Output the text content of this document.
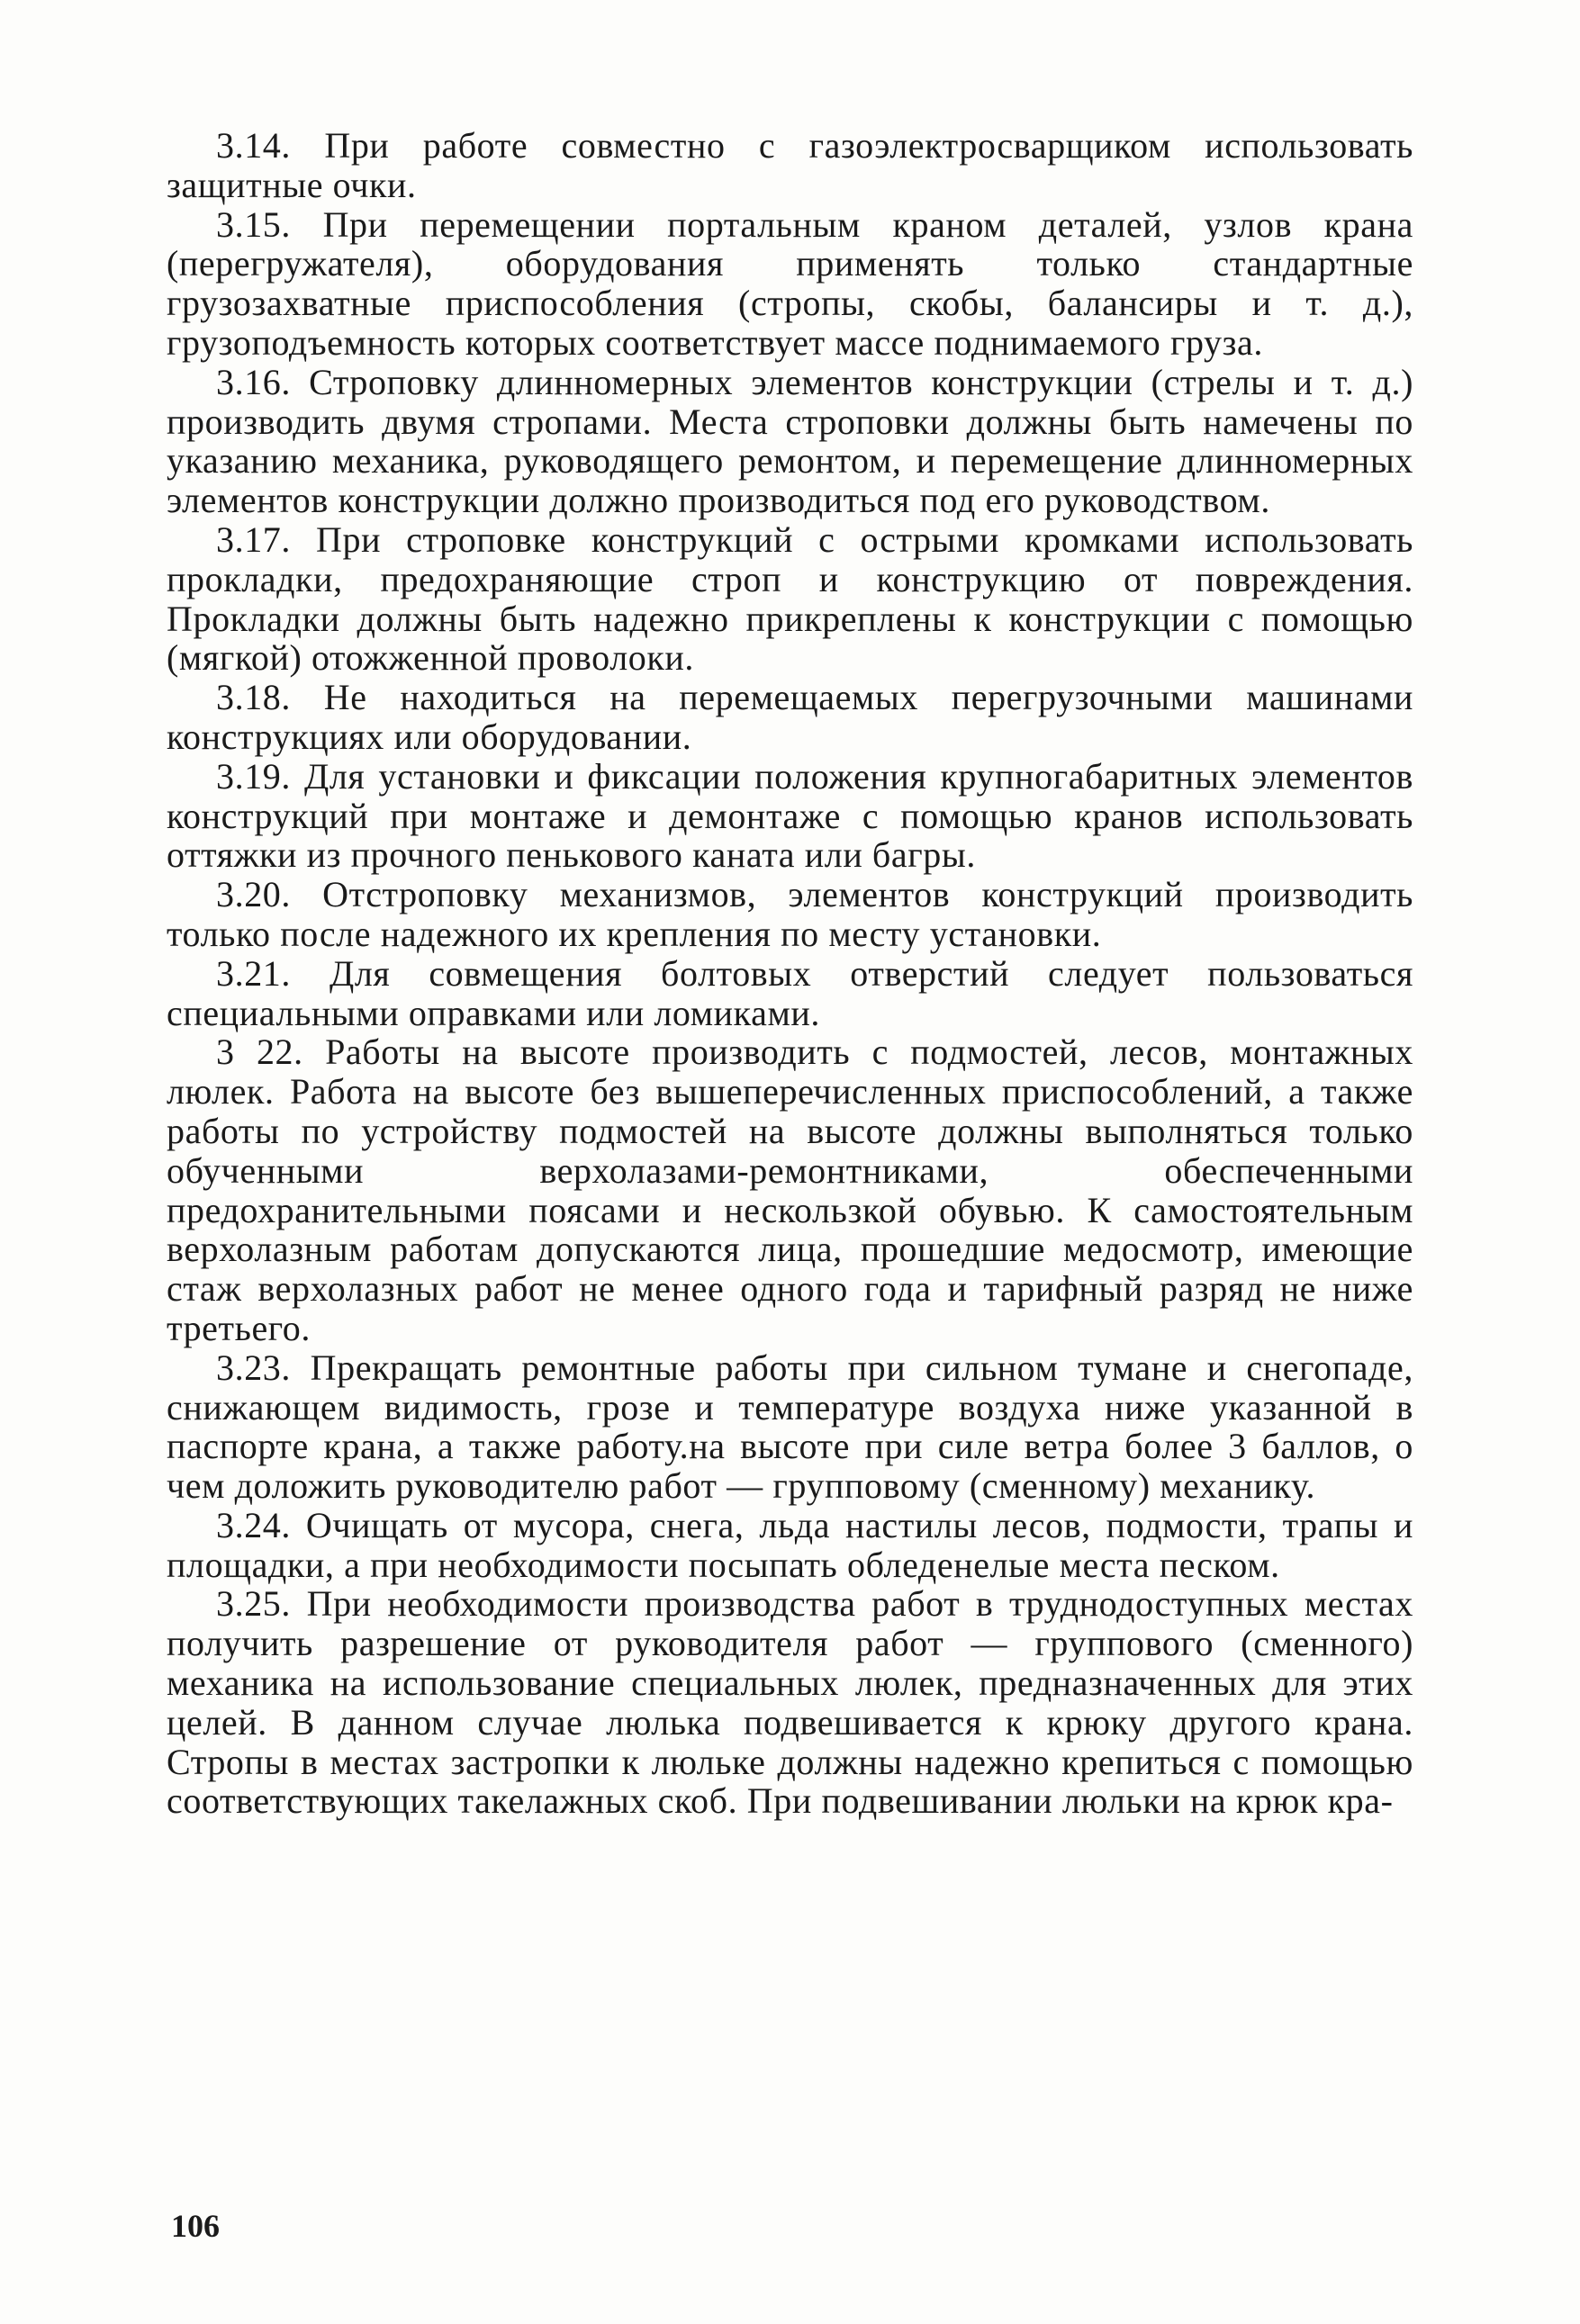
3.14. При работе совместно с газоэлектросварщиком использовать защитные очки.

3.15. При перемещении портальным краном деталей, узлов крана (перегружателя), оборудования применять только стандартные грузозахватные приспособления (стропы, скобы, балансиры и т. д.), грузоподъемность которых соответствует массе поднимаемого груза.

3.16. Строповку длинномерных элементов конструкции (стрелы и т. д.) производить двумя стропами. Места строповки должны быть намечены по указанию механика, руководящего ремонтом, и перемещение длинномерных элементов конструкции должно производиться под его руководством.

3.17. При строповке конструкций с острыми кромками использовать прокладки, предохраняющие строп и конструкцию от повреждения. Прокладки должны быть надежно прикреплены к конструкции с помощью (мягкой) отожженной проволоки.

3.18. Не находиться на перемещаемых перегрузочными машинами конструкциях или оборудовании.

3.19. Для установки и фиксации положения крупногабаритных элементов конструкций при монтаже и демонтаже с помощью кранов использовать оттяжки из прочного пенькового каната или багры.

3.20. Отстроповку механизмов, элементов конструкций производить только после надежного их крепления по месту установки.

3.21. Для совмещения болтовых отверстий следует пользоваться специальными оправками или ломиками.

3 22. Работы на высоте производить с подмостей, лесов, монтажных люлек. Работа на высоте без вышеперечисленных приспособлений, а также работы по устройству подмостей на высоте должны выполняться только обученными верхолазами-ремонтниками, обеспеченными предохранительными поясами и нескользкой обувью. К самостоятельным верхолазным работам допускаются лица, прошедшие медосмотр, имеющие стаж верхолазных работ не менее одного года и тарифный разряд не ниже третьего.

3.23. Прекращать ремонтные работы при сильном тумане и снегопаде, снижающем видимость, грозе и температуре воздуха ниже указанной в паспорте крана, а также работу.на высоте при силе ветра более 3 баллов, о чем доложить руководителю работ — групповому (сменному) механику.

3.24. Очищать от мусора, снега, льда настилы лесов, подмости, трапы и площадки, а при необходимости посыпать обледенелые места песком.

3.25. При необходимости производства работ в труднодоступных местах получить разрешение от руководителя работ — группового (сменного) механика на использование специальных люлек, предназначенных для этих целей. В данном случае люлька подвешивается к крюку другого крана. Стропы в местах застропки к люльке должны надежно крепиться с помощью соответствующих такелажных скоб. При подвешивании люльки на крюк кра-

106
